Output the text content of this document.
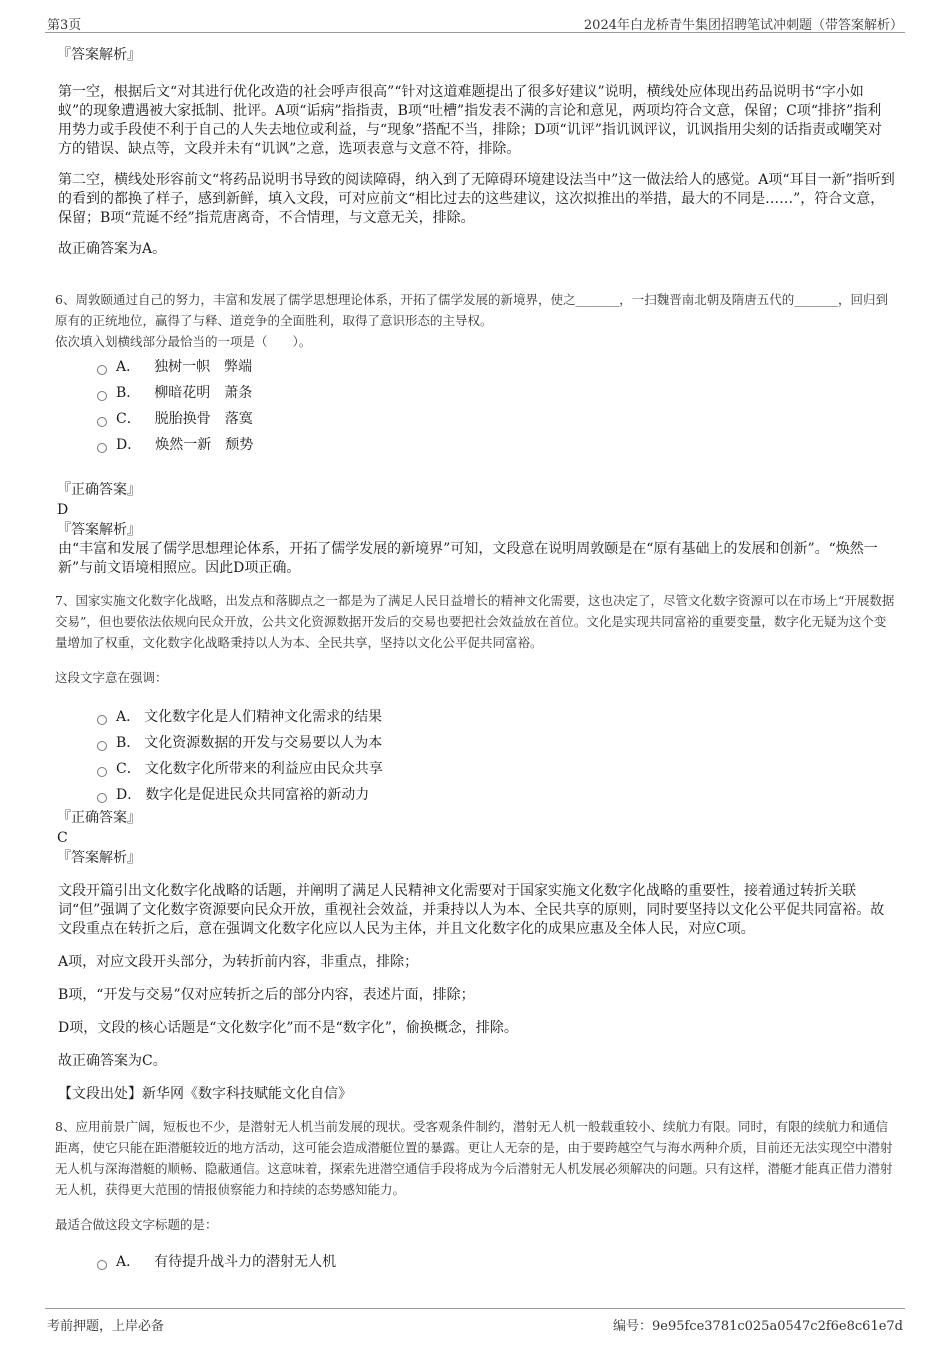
第3页	2024年白龙桥青牛集团招聘笔试冲刺题（带答案解析）
『答案解析』

第一空，根据后文“对其进行优化改造的社会呼声很高”“针对这道难题提出了很多好建议”说明，横线处应体现出药品说明书“字小如蚁”的现象遭遇被大家抵制、批评。A项“诟病”指指责，B项“吐槽”指发表不满的言论和意见，两项均符合文意，保留；C项“排挤”指利用势力或手段使不利于自己的人失去地位或利益，与“现象”搭配不当，排除；D项“讥评”指讥讽评议，讥讽指用尖刻的话指责或嘲笑对方的错误、缺点等，文段并未有“讥讽”之意，选项表意与文意不符，排除。

第二空，横线处形容前文“将药品说明书导致的阅读障碍，纳入到了无障碍环境建设法当中”这一做法给人的感觉。A项“耳目一新”指听到的看到的都换了样子，感到新鲜，填入文段，可对应前文“相比过去的这些建议，这次拟推出的举措，最大的不同是……”，符合文意，保留；B项“荒诞不经”指荒唐离奇，不合情理，与文意无关，排除。

故正确答案为A。

6、周敦颐通过自己的努力，丰富和发展了儒学思想理论体系，开拓了儒学发展的新境界，使之_______，一扫魏晋南北朝及隋唐五代的_______，回归到原有的正统地位，赢得了与释、道竞争的全面胜利，取得了意识形态的主导权。

依次填入划横线部分最恰当的一项是（　　）。

A． 独树一帜　弊端
B． 柳暗花明　萧条
C． 脱胎换骨　落寞
D． 焕然一新　颓势
『正确答案』
D
『答案解析』

由“丰富和发展了儒学思想理论体系，开拓了儒学发展的新境界”可知，文段意在说明周敦颐是在“原有基础上的发展和创新”。“焕然一新”与前文语境相照应。因此D项正确。

7、国家实施文化数字化战略，出发点和落脚点之一都是为了满足人民日益增长的精神文化需要，这也决定了，尽管文化数字资源可以在市场上“开展数据交易”，但也要依法依规向民众开放，公共文化资源数据开发后的交易也要把社会效益放在首位。文化是实现共同富裕的重要变量，数字化无疑为这个变量增加了权重，文化数字化战略秉持以人为本、全民共享，坚持以文化公平促共同富裕。

这段文字意在强调：

A． 文化数字化是人们精神文化需求的结果
B． 文化资源数据的开发与交易要以人为本
C． 文化数字化所带来的利益应由民众共享
D． 数字化是促进民众共同富裕的新动力
『正确答案』
C
『答案解析』

文段开篇引出文化数字化战略的话题，并阐明了满足人民精神文化需要对于国家实施文化数字化战略的重要性，接着通过转折关联词“但”强调了文化数字资源要向民众开放，重视社会效益，并秉持以人为本、全民共享的原则，同时要坚持以文化公平促共同富裕。故文段重点在转折之后，意在强调文化数字化应以人民为主体，并且文化数字化的成果应惠及全体人民，对应C项。

A项，对应文段开头部分，为转折前内容，非重点，排除；

B项，“开发与交易”仅对应转折之后的部分内容，表述片面，排除；

D项，文段的核心话题是“文化数字化”而不是“数字化”，偷换概念，排除。

故正确答案为C。

【文段出处】新华网《数字科技赋能文化自信》

8、应用前景广阔，短板也不少，是潜射无人机当前发展的现状。受客观条件制约，潜射无人机一般载重较小、续航力有限。同时，有限的续航力和通信距离，使它只能在距潜艇较近的地方活动，这可能会造成潜艇位置的暴露。更让人无奈的是，由于要跨越空气与海水两种介质，目前还无法实现空中潜射无人机与深海潜艇的顺畅、隐蔽通信。这意味着，探索先进潜空通信手段将成为今后潜射无人机发展必须解决的问题。只有这样，潜艇才能真正借力潜射无人机，获得更大范围的情报侦察能力和持续的态势感知能力。

最适合做这段文字标题的是：

A． 有待提升战斗力的潜射无人机
考前押题，上岸必备	编号：9e95fce3781c025a0547c2f6e8c61e7d
